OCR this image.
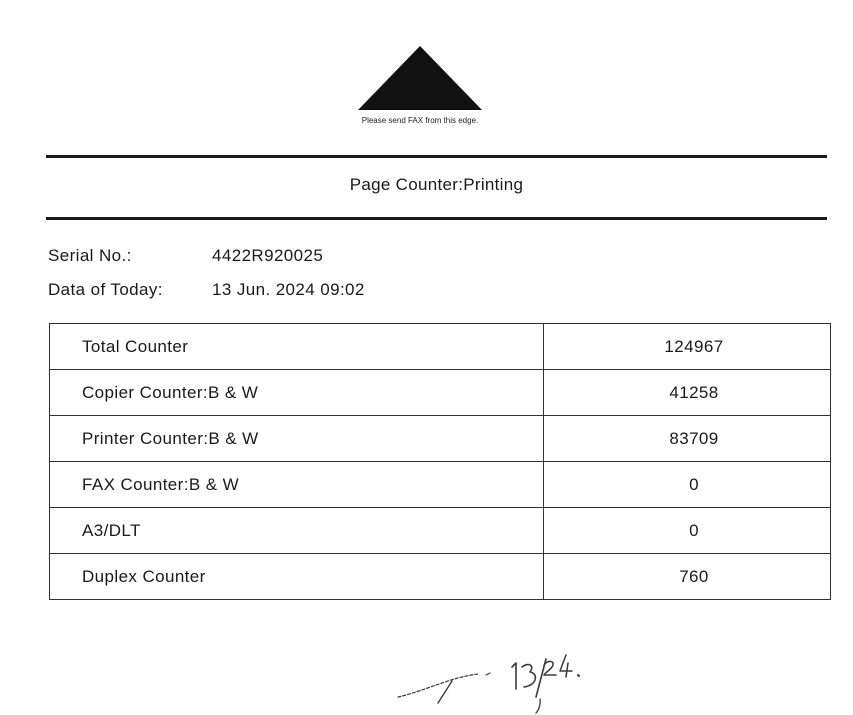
Please send FAX from this edge.
Page Counter:Printing
Serial No.:	4422R920025
Data of Today:	13 Jun. 2024 09:02
Total Counter	124967
Copier Counter:B & W	41258
Printer Counter:B & W	83709
FAX Counter:B & W	0
A3/DLT	0
Duplex Counter	760
